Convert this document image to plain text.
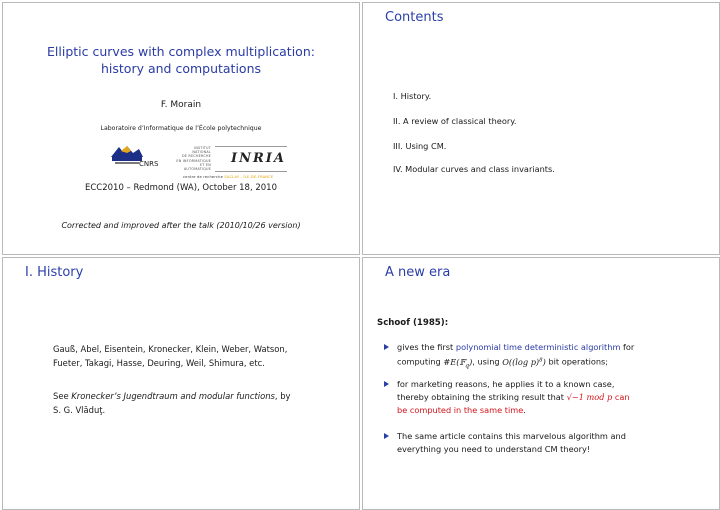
Elliptic curves with complex multiplication:
history and computations
F. Morain
Laboratoire d’Informatique de l’École polytechnique
CNRS
INSTITUT NATIONAL
DE RECHERCHE
EN INFORMATIQUE
ET EN AUTOMATIQUE
INRIA
centre de recherche SACLAY - ÎLE-DE-FRANCE
ECC2010 – Redmond (WA), October 18, 2010
Corrected and improved after the talk (2010/10/26 version)
Contents
I. History.
II. A review of classical theory.
III. Using CM.
IV. Modular curves and class invariants.
I. History
Gauß, Abel, Eisentein, Kronecker, Klein, Weber, Watson,
Fueter, Takagi, Hasse, Deuring, Weil, Shimura, etc.
See Kronecker’s Jugendtraum and modular functions, by
S. G. Vlăduţ.
A new era
Schoof (1985):
gives the first polynomial time deterministic algorithm for
computing #E(𝔽$_q$), using O((log p)$^8$) bit operations;
for marketing reasons, he applies it to a known case,
thereby obtaining the striking result that √−1 mod p can
be computed in the same time.
The same article contains this marvelous algorithm and
everything you need to understand CM theory!
